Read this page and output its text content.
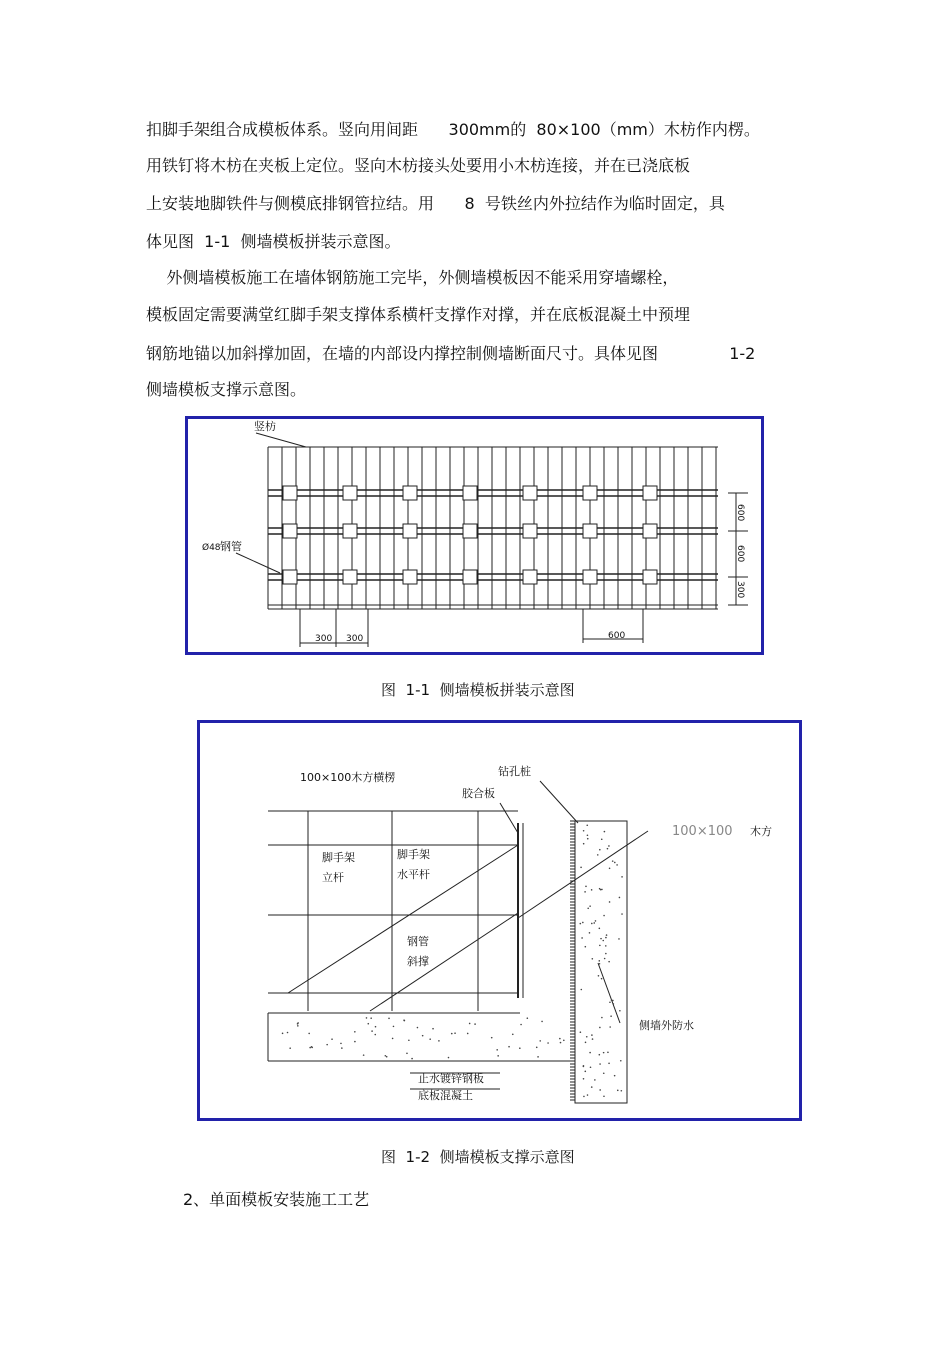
扣脚手架组合成模板体系。竖向用间距      300mm的  80×100（mm）木枋作内楞。
用铁钉将木枋在夹板上定位。竖向木枋接头处要用小木枋连接，并在已浇底板
上安装地脚铁件与侧模底排钢管拉结。用      8  号铁丝内外拉结作为临时固定，具
体见图  1-1  侧墙模板拼装示意图。
外侧墙模板施工在墙体钢筋施工完毕，外侧墙模板因不能采用穿墙螺栓，
模板固定需要满堂红脚手架支撑体系横杆支撑作对撑，并在底板混凝土中预埋
钢筋地锚以加斜撑加固，在墙的内部设内撑控制侧墙断面尺寸。具体见图              1-2
侧墙模板支撑示意图。
竖枋
Ø48 钢管
300 300	600
600
600
300
图  1-1  侧墙模板拼装示意图
100×100木方横楞	钻孔桩
胶合板
100×100 木方
脚手架
立杆
脚手架
水平杆
钢管
斜撑
侧墙外防水
止水镀锌钢板
底板混凝土
图  1-2  侧墙模板支撑示意图
2、单面模板安装施工工艺
